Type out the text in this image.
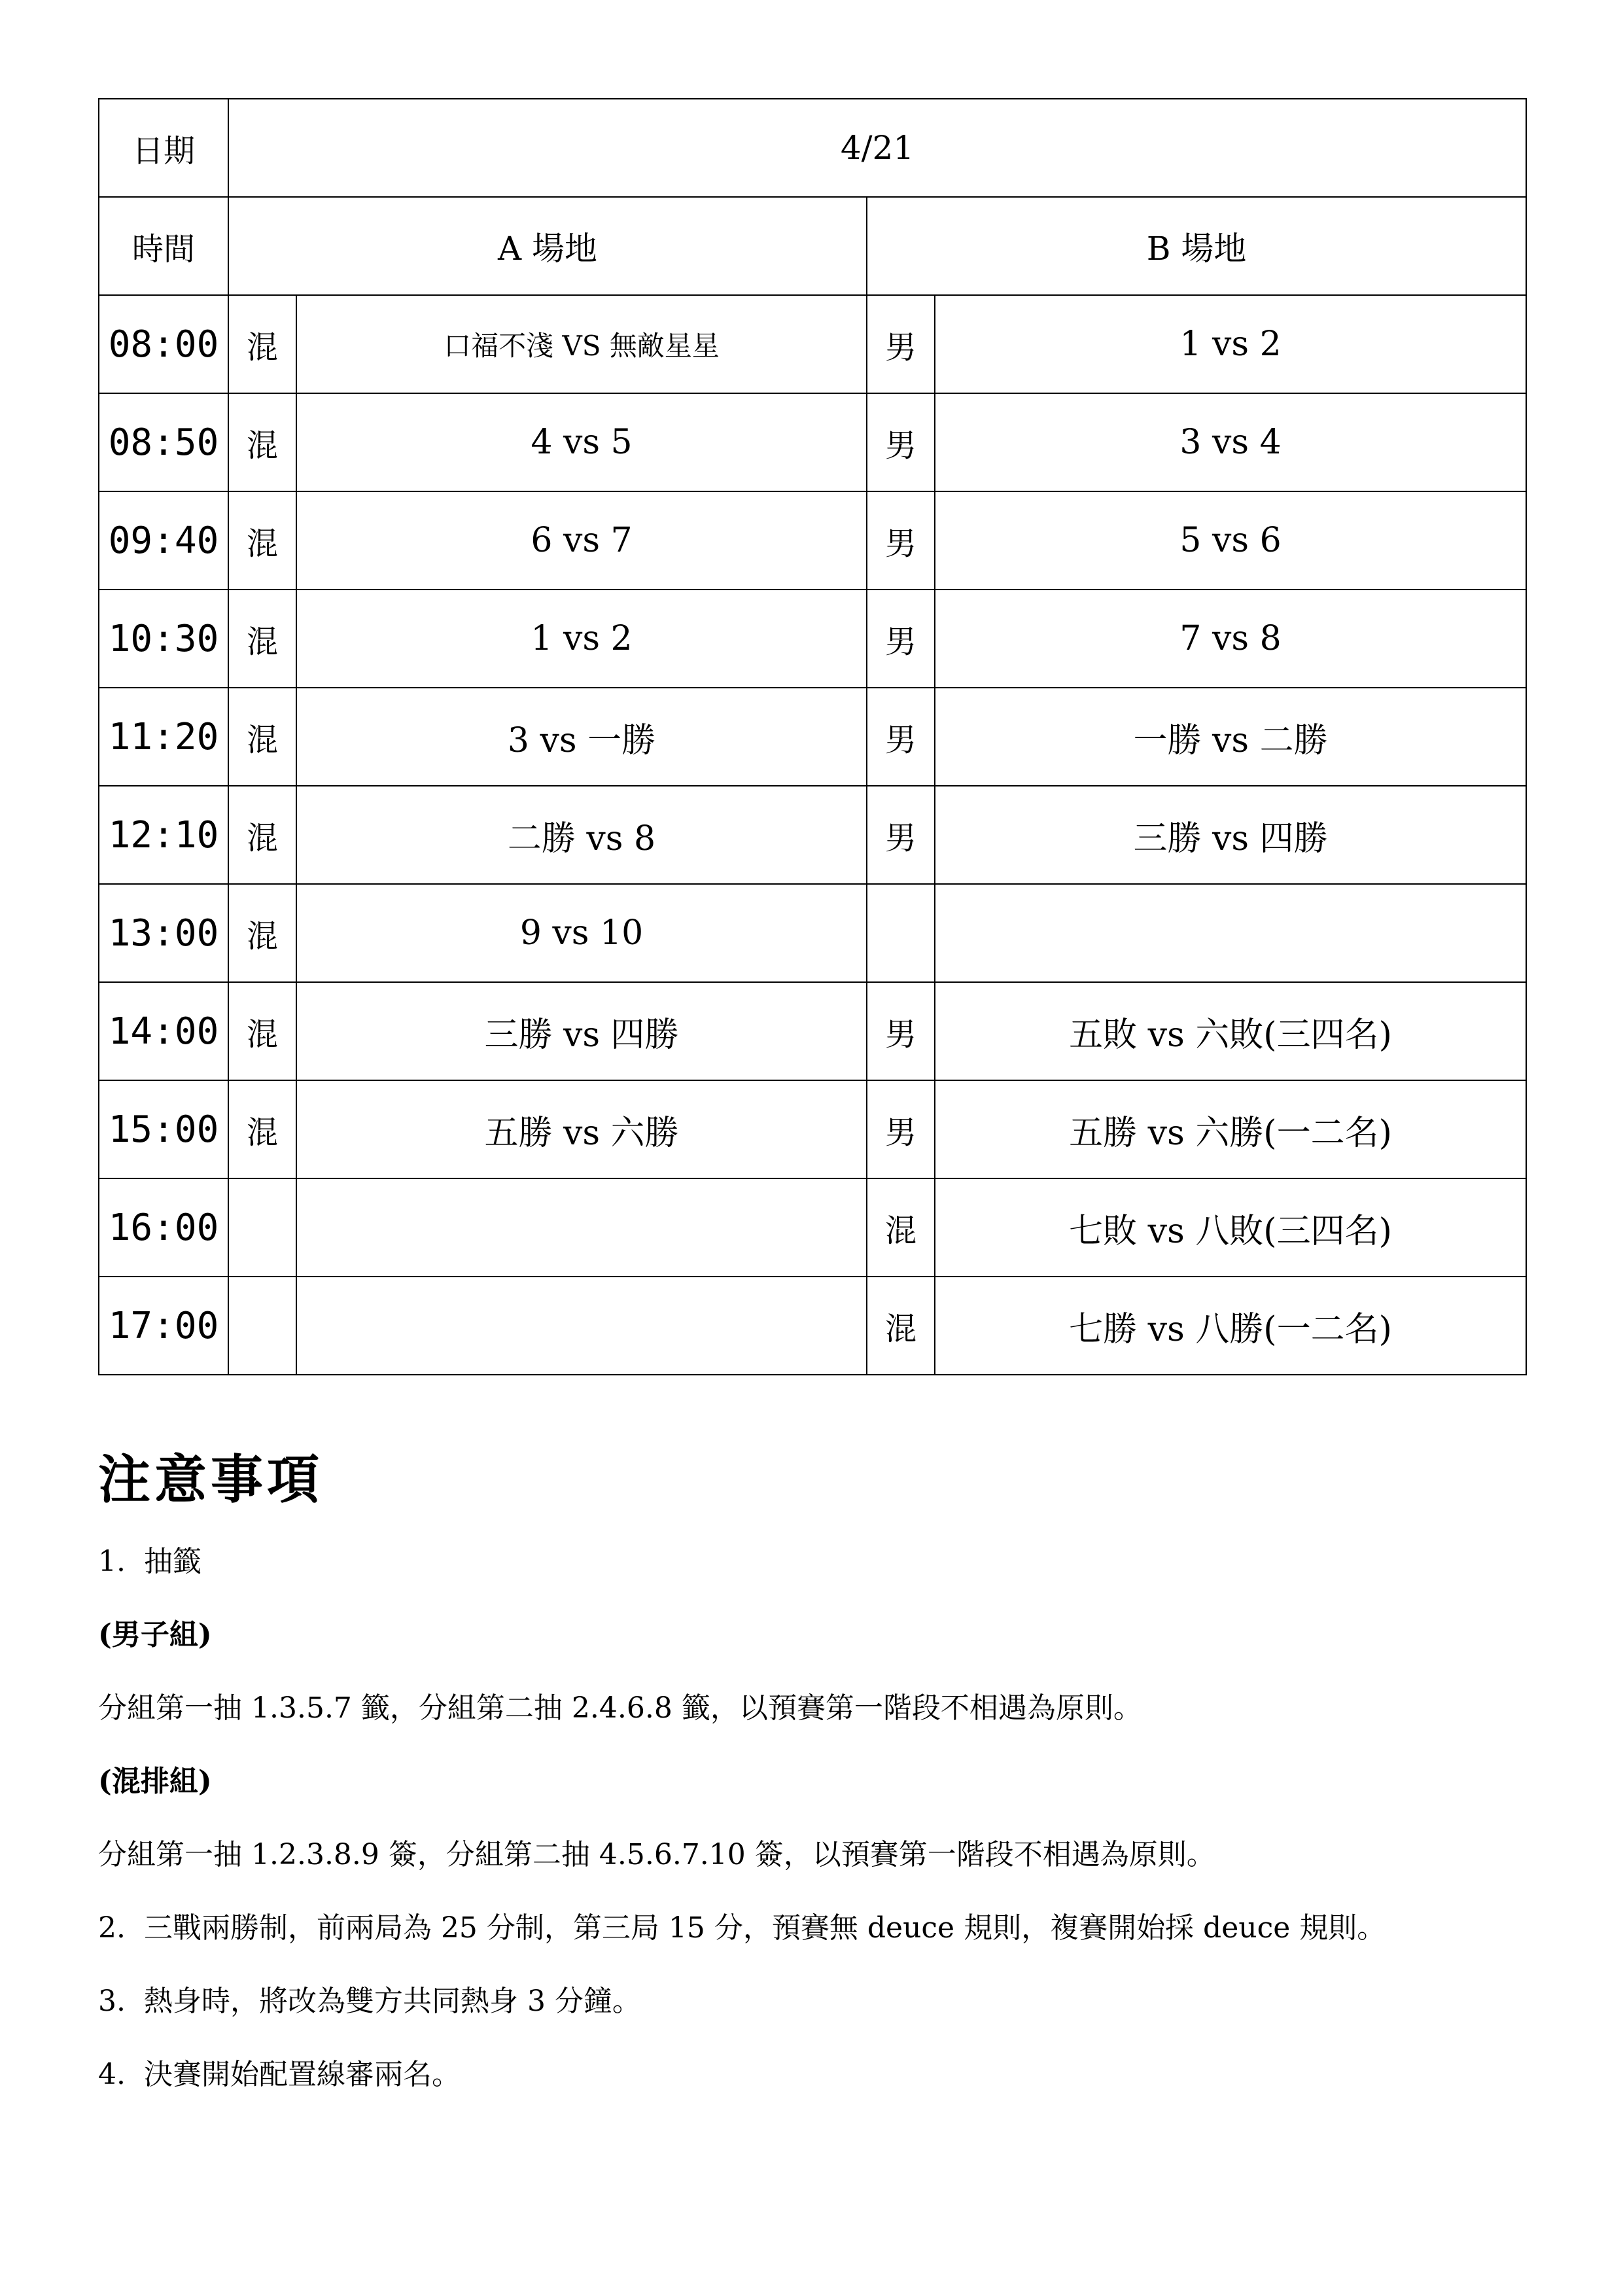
日期	4/21			
時間	A 場地		B 場地	
08:00	混	口福不淺 VS 無敵星星	男	1 vs 2
08:50	混	4 vs 5	男	3 vs 4
09:40	混	6 vs 7	男	5 vs 6
10:30	混	1 vs 2	男	7 vs 8
11:20	混	3 vs 一勝	男	一勝 vs 二勝
12:10	混	二勝 vs 8	男	三勝 vs 四勝
13:00	混	9 vs 10		
14:00	混	三勝 vs 四勝	男	五敗 vs 六敗(三四名)
15:00	混	五勝 vs 六勝	男	五勝 vs 六勝(一二名)
16:00			混	七敗 vs 八敗(三四名)
17:00			混	七勝 vs 八勝(一二名)
注意事項
1.  抽籤
(男子組)
分組第一抽 1.3.5.7 籤，分組第二抽 2.4.6.8 籤，以預賽第一階段不相遇為原則。
(混排組)
分組第一抽 1.2.3.8.9 簽，分組第二抽 4.5.6.7.10 簽，以預賽第一階段不相遇為原則。
2.  三戰兩勝制，前兩局為 25 分制，第三局 15 分，預賽無 deuce 規則，複賽開始採 deuce 規則。
3.  熱身時，將改為雙方共同熱身 3 分鐘。
4.  決賽開始配置線審兩名。
